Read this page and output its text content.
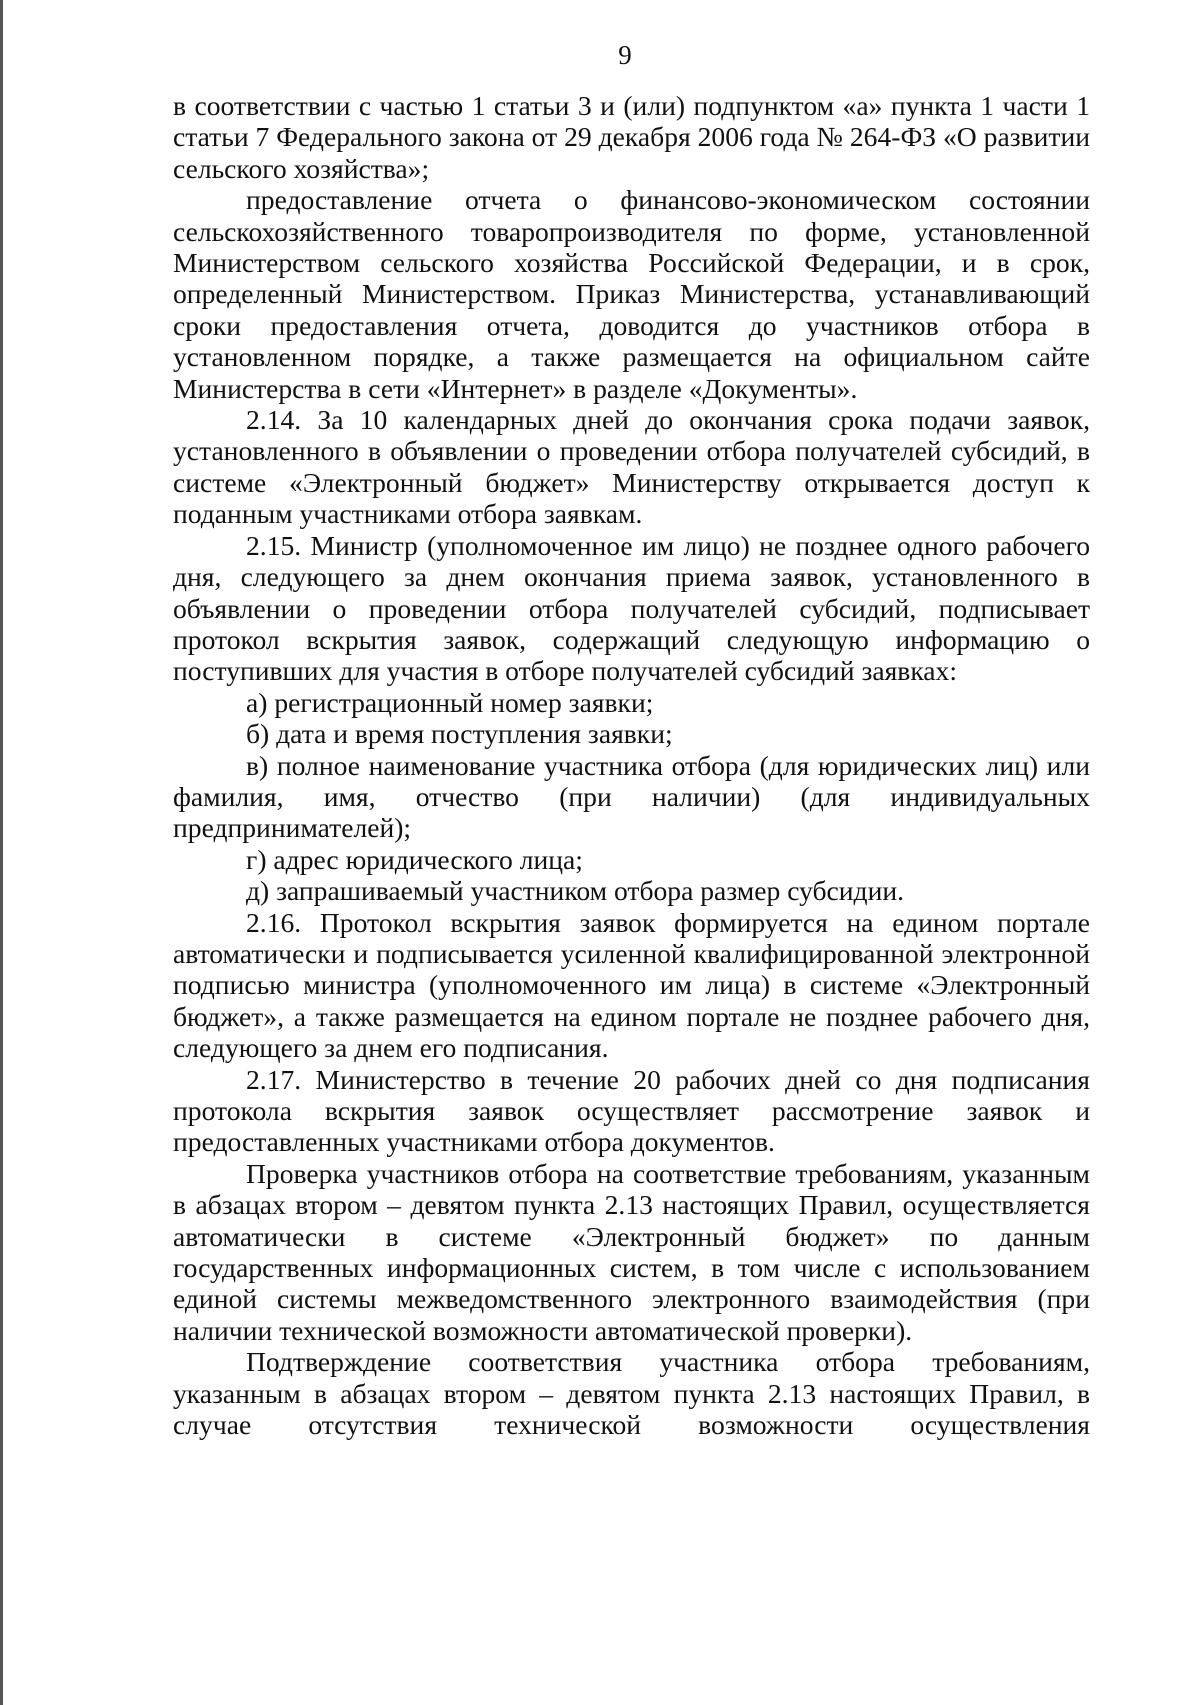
9

в соответствии с частью 1 статьи 3 и (или) подпунктом «а» пункта 1 части 1 статьи 7 Федерального закона от 29 декабря 2006 года № 264-ФЗ «О развитии сельского хозяйства»;

предоставление отчета о финансово-экономическом состоянии сельскохозяйственного товаропроизводителя по форме, установленной Министерством сельского хозяйства Российской Федерации, и в срок, определенный Министерством. Приказ Министерства, устанавливающий сроки предоставления отчета, доводится до участников отбора в установленном порядке, а также размещается на официальном сайте Министерства в сети «Интернет» в разделе «Документы».

2.14. За 10 календарных дней до окончания срока подачи заявок, установленного в объявлении о проведении отбора получателей субсидий, в системе «Электронный бюджет» Министерству открывается доступ к поданным участниками отбора заявкам.

2.15. Министр (уполномоченное им лицо) не позднее одного рабочего дня, следующего за днем окончания приема заявок, установленного в объявлении о проведении отбора получателей субсидий, подписывает протокол вскрытия заявок, содержащий следующую информацию о поступивших для участия в отборе получателей субсидий заявках:

а) регистрационный номер заявки;

б) дата и время поступления заявки;

в) полное наименование участника отбора (для юридических лиц) или фамилия, имя, отчество (при наличии) (для индивидуальных предпринимателей);

г) адрес юридического лица;

д) запрашиваемый участником отбора размер субсидии.

2.16. Протокол вскрытия заявок формируется на едином портале автоматически и подписывается усиленной квалифицированной электронной подписью министра (уполномоченного им лица) в системе «Электронный бюджет», а также размещается на едином портале не позднее рабочего дня, следующего за днем его подписания.

2.17. Министерство в течение 20 рабочих дней со дня подписания протокола вскрытия заявок осуществляет рассмотрение заявок и предоставленных участниками отбора документов.

Проверка участников отбора на соответствие требованиям, указанным в абзацах втором – девятом пункта 2.13 настоящих Правил, осуществляется автоматически в системе «Электронный бюджет» по данным государственных информационных систем, в том числе с использованием единой системы межведомственного электронного взаимодействия (при наличии технической возможности автоматической проверки).

Подтверждение соответствия участника отбора требованиям, указанным в абзацах втором – девятом пункта 2.13 настоящих Правил, в случае отсутствия технической возможности осуществления
